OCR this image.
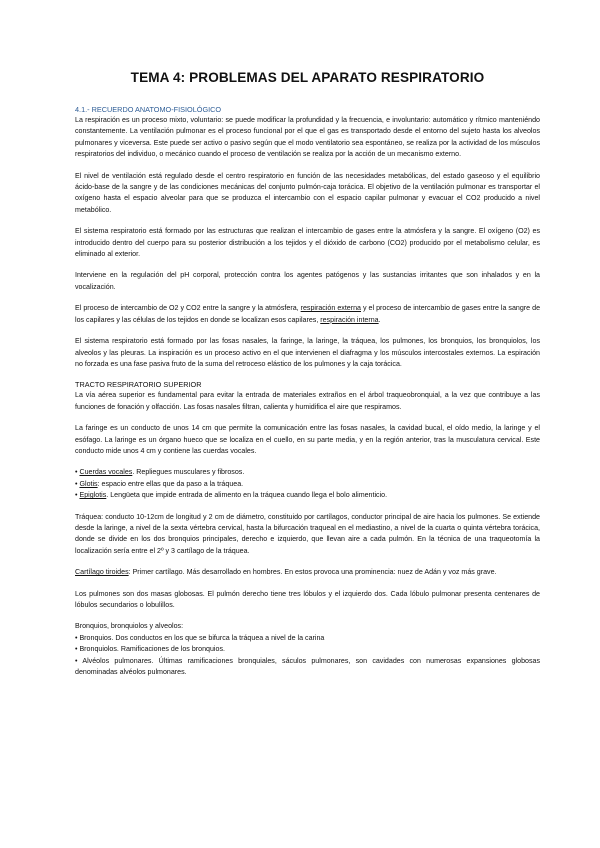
TEMA 4: PROBLEMAS DEL APARATO RESPIRATORIO
4.1.- RECUERDO ANATOMO-FISIOLÓGICO

La respiración es un proceso mixto, voluntario: se puede modificar la profundidad y la frecuencia, e involuntario: automático y rítmico manteniéndo constantemente. La ventilación pulmonar es el proceso funcional por el que el gas es transportado desde el entorno del sujeto hasta los alveolos pulmonares y viceversa. Este puede ser activo o pasivo según que el modo ventilatorio sea espontáneo, se realiza por la actividad de los músculos respiratorios del individuo, o mecánico cuando el proceso de ventilación se realiza por la acción de un mecanismo externo.

El nivel de ventilación está regulado desde el centro respiratorio en función de las necesidades metabólicas, del estado gaseoso y el equilibrio ácido-base de la sangre y de las condiciones mecánicas del conjunto pulmón-caja torácica. El objetivo de la ventilación pulmonar es transportar el oxígeno hasta el espacio alveolar para que se produzca el intercambio con el espacio capilar pulmonar y evacuar el CO2 producido a nivel metabólico.

El sistema respiratorio está formado por las estructuras que realizan el intercambio de gases entre la atmósfera y la sangre. El oxígeno (O2) es introducido dentro del cuerpo para su posterior distribución a los tejidos y el dióxido de carbono (CO2) producido por el metabolismo celular, es eliminado al exterior.

Interviene en la regulación del pH corporal, protección contra los agentes patógenos y las sustancias irritantes que son inhalados y en la vocalización.

El proceso de intercambio de O2 y CO2 entre la sangre y la atmósfera, respiración externa y el proceso de intercambio de gases entre la sangre de los capilares y las células de los tejidos en donde se localizan esos capilares, respiración interna.

El sistema respiratorio está formado por las fosas nasales, la faringe, la laringe, la tráquea, los pulmones, los bronquios, los bronquiolos, los alveolos y las pleuras. La inspiración es un proceso activo en el que intervienen el diafragma y los músculos intercostales externos. La espiración no forzada es una fase pasiva fruto de la suma del retroceso elástico de los pulmones y la caja torácica.

TRACTO RESPIRATORIO SUPERIOR

La vía aérea superior es fundamental para evitar la entrada de materiales extraños en el árbol traqueobronquial, a la vez que contribuye a las funciones de fonación y olfacción. Las fosas nasales filtran, calienta y humidifica el aire que respiramos.

La faringe es un conducto de unos 14 cm que permite la comunicación entre las fosas nasales, la cavidad bucal, el oído medio, la laringe y el esófago. La laringe es un órgano hueco que se localiza en el cuello, en su parte media, y en la región anterior, tras la musculatura cervical. Este conducto mide unos 4 cm y contiene las cuerdas vocales.

• Cuerdas vocales. Repliegues musculares y fibrosos.
• Glotis: espacio entre ellas que da paso a la tráquea.
• Epiglotis. Lengüeta que impide entrada de alimento en la tráquea cuando llega el bolo alimenticio.

Tráquea: conducto 10-12cm de longitud y 2 cm de diámetro, constituido por cartílagos, conductor principal de aire hacia los pulmones. Se extiende desde la laringe, a nivel de la sexta vértebra cervical, hasta la bifurcación traqueal en el mediastino, a nivel de la cuarta o quinta vértebra torácica, donde se divide en los dos bronquios principales, derecho e izquierdo, que llevan aire a cada pulmón. En la técnica de una traqueotomía la localización sería entre el 2º y 3 cartílago de la tráquea.

Cartílago tiroides: Primer cartílago. Más desarrollado en hombres. En estos provoca una prominencia: nuez de Adán y voz más grave.

Los pulmones son dos masas globosas. El pulmón derecho tiene tres lóbulos y el izquierdo dos. Cada lóbulo pulmonar presenta centenares de lóbulos secundarios o lobulillos.

Bronquios, bronquiolos y alveolos:
• Bronquios. Dos conductos en los que se bifurca la tráquea a nivel de la carina
• Bronquiolos. Ramificaciones de los bronquios.
• Alvéolos pulmonares. Últimas ramificaciones bronquiales, sáculos pulmonares, son cavidades con numerosas expansiones globosas denominadas alvéolos pulmonares.
